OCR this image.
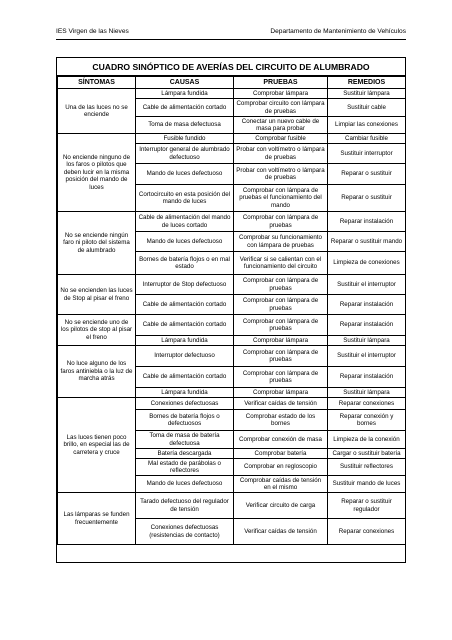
IES Virgen de las Nieves	Departamento de Mantenimiento de Vehículos
CUADRO SINÓPTICO DE AVERÍAS DEL CIRCUITO DE ALUMBRADO
SÍNTOMAS	CAUSAS	PRUEBAS	REMEDIOS
Una de las luces no se enciende	Lámpara fundida	Comprobar lámpara	Sustituir lámpara
	Cable de alimentación cortado	Comprobar circuito con lámpara de pruebas	Sustituir cable
	Toma de masa defectuosa	Conectar un nuevo cable de masa para probar	Limpiar las conexiones
No enciende ninguno de los faros o pilotos que deben lucir en la misma posición del mando de luces	Fusible fundido	Comprobar fusible	Cambiar fusible
	Interruptor general de alumbrado defectuoso	Probar con voltímetro o lámpara de pruebas	Sustituir interruptor
	Mando de luces defectuoso	Probar con voltímetro o lámpara de pruebas	Reparar o sustituir
	Cortocircuito en esta posición del mando de luces	Comprobar con lámpara de pruebas el funcionamiento del mando	Reparar o sustituir
No se enciende ningún faro ni piloto del sistema de alumbrado	Cable de alimentación del mando de luces cortado	Comprobar con lámpara de pruebas	Reparar instalación
	Mando de luces defectuoso	Comprobar su funcionamiento con lámpara de pruebas	Reparar o sustituir mando
	Bornes de batería flojos o en mal estado	Verificar si se calientan con el funcionamiento del circuito	Limpieza de conexiones
No se encienden las luces de Stop al pisar el freno	Interruptor de Stop defectuoso	Comprobar con lámpara de pruebas	Sustituir el interruptor
	Cable de alimentación cortado	Comprobar con lámpara de pruebas	Reparar instalación
No se enciende uno de los pilotos de stop al pisar el freno	Cable de alimentación cortado	Comprobar con lámpara de pruebas	Reparar instalación
	Lámpara fundida	Comprobar lámpara	Sustituir lámpara
No luce alguno de los faros antiniebla o la luz de marcha atrás	Interruptor defectuoso	Comprobar con lámpara de pruebas	Sustituir el interruptor
	Cable de alimentación cortado	Comprobar con lámpara de pruebas	Reparar instalación
	Lámpara fundida	Comprobar lámpara	Sustituir lámpara
Las luces tienen poco brillo, en especial las de carretera y cruce	Conexiones defectuosas	Verificar caídas de tensión	Reparar conexiones
	Bornes de batería flojos o defectuosos	Comprobar estado de los bornes	Reparar conexión y bornes
	Toma de masa de batería defectuosa	Comprobar conexión de masa	Limpieza de la conexión
	Batería descargada	Comprobar batería	Cargar o sustituir batería
	Mal estado de parábolas o reflectores	Comprobar en regloscopio	Sustituir reflectores
	Mando de luces defectuoso	Comprobar caídas de tensión en el mismo	Sustituir mando de luces
Las lámparas se funden frecuentemente	Tarado defectuoso del regulador de tensión	Verificar circuito de carga	Reparar o sustituir regulador
	Conexiones defectuosas (resistencias de contacto)	Verificar caídas de tensión	Reparar conexiones
